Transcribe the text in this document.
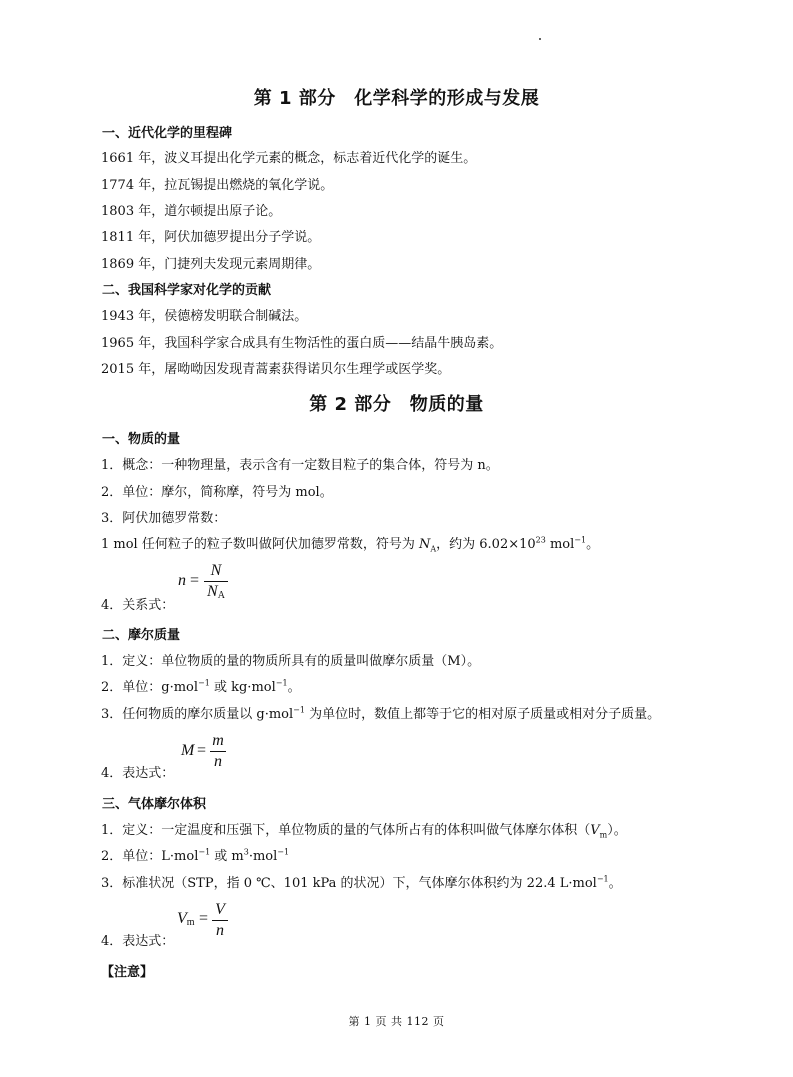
第 1 部分　化学科学的形成与发展
一、近代化学的里程碑
1661 年，波义耳提出化学元素的概念，标志着近代化学的诞生。
1774 年，拉瓦锡提出燃烧的氧化学说。
1803 年，道尔顿提出原子论。
1811 年，阿伏加德罗提出分子学说。
1869 年，门捷列夫发现元素周期律。
二、我国科学家对化学的贡献
1943 年，侯德榜发明联合制碱法。
1965 年，我国科学家合成具有生物活性的蛋白质——结晶牛胰岛素。
2015 年，屠呦呦因发现青蒿素获得诺贝尔生理学或医学奖。
第 2 部分　物质的量
一、物质的量
1．概念：一种物理量，表示含有一定数目粒子的集合体，符号为 n。
2．单位：摩尔，简称摩，符号为 mol。
3．阿伏加德罗常数：
1 mol 任何粒子的粒子数叫做阿伏加德罗常数，符号为 $N_A$，约为 $6.02\times 10^{23}$ mol$^{-1}$。
n =
N
$N_A$
4．关系式：
二、摩尔质量
1．定义：单位物质的量的物质所具有的质量叫做摩尔质量（M）。
2．单位：g·mol$^{-1}$ 或 kg·mol$^{-1}$。
3．任何物质的摩尔质量以 g·mol$^{-1}$ 为单位时，数值上都等于它的相对原子质量或相对分子质量。
M =
m
n
4．表达式：
三、气体摩尔体积
1．定义：一定温度和压强下，单位物质的量的气体所占有的体积叫做气体摩尔体积$(V_m)$。
2．单位：L·mol$^{-1}$ 或 $m^3\cdot mol^{-1}$
3．标准状况（STP，指 0 ℃、101 kPa 的状况）下，气体摩尔体积约为 22.4 L·mol$^{-1}$。
$V_m$ =
V
n
4．表达式：
【注意】
第 1 页 共 112 页
